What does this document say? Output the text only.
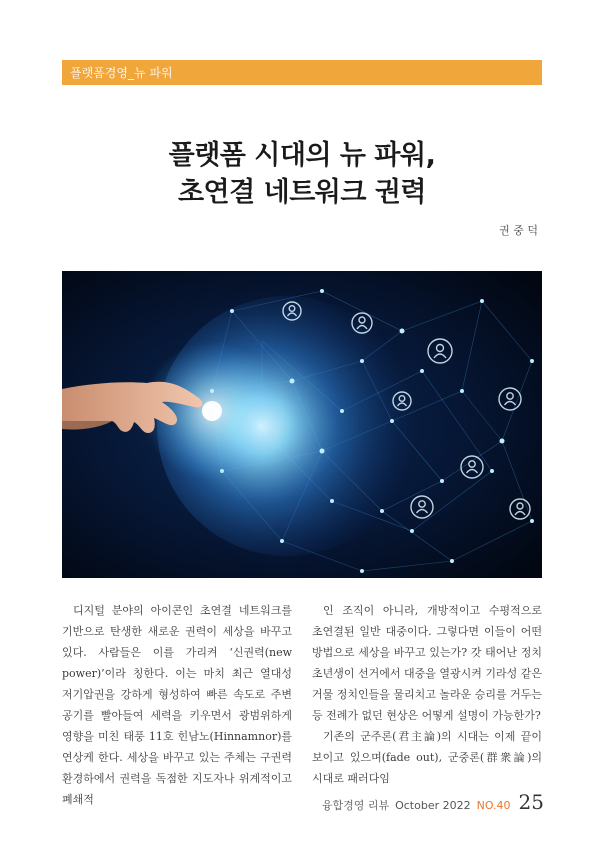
플랫폼경영_뉴 파워
플랫폼 시대의 뉴 파워,
초연결 네트워크 권력
권 중 덕

디지털 분야의 아이콘인 초연결 네트워크를 기반으로 탄생한 새로운 권력이 세상을 바꾸고 있다. 사람들은 이를 가리켜 ‘신권력(new power)’이라 칭한다. 이는 마치 최근 열대성 저기압권을 강하게 형성하여 빠른 속도로 주변 공기를 빨아들여 세력을 키우면서 광범위하게 영향을 미친 태풍 11호 힌남노(Hinnamnor)를 연상케 한다. 세상을 바꾸고 있는 주체는 구권력 환경하에서 권력을 독점한 지도자나 위계적이고 폐쇄적

인 조직이 아니라, 개방적이고 수평적으로 초연결된 일반 대중이다. 그렇다면 이들이 어떤 방법으로 세상을 바꾸고 있는가? 갓 태어난 정치 초년생이 선거에서 대중을 열광시켜 기라성 같은 거물 정치인들을 물리치고 놀라운 승리를 거두는 등 전례가 없던 현상은 어떻게 설명이 가능한가?

기존의 군주론(君主論)의 시대는 이제 끝이 보이고 있으며(fade out), 군중론(群衆論)의 시대로 패러다임

융합경영 리뷰 October 2022 NO.40 25
